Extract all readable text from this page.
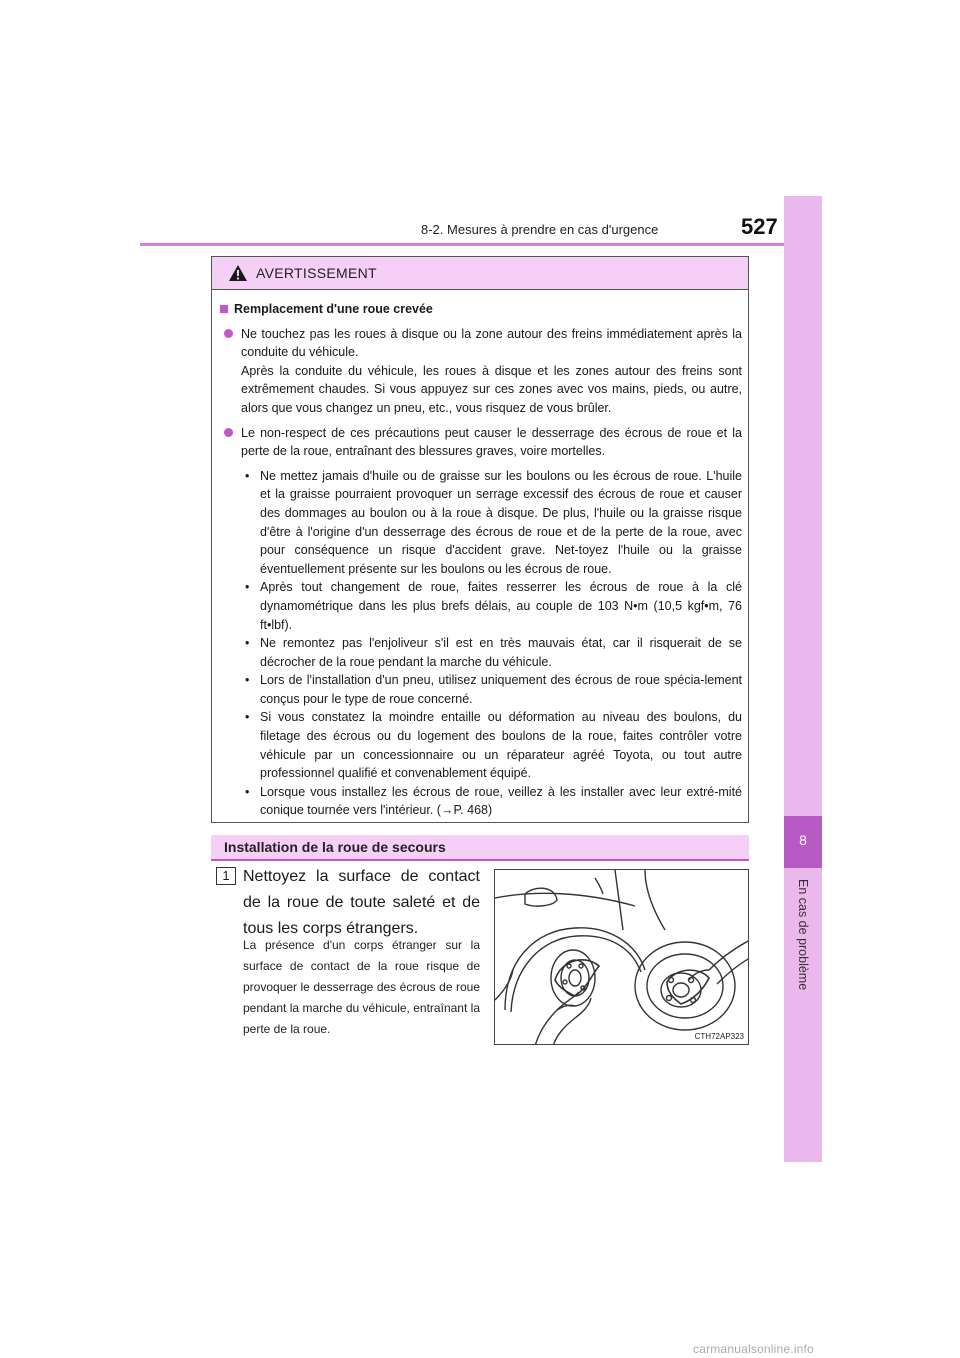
8-2. Mesures à prendre en cas d'urgence	527
8
En cas de problème
AVERTISSEMENT
Remplacement d'une roue crevée

Ne touchez pas les roues à disque ou la zone autour des freins immédiatement après la conduite du véhicule.

Après la conduite du véhicule, les roues à disque et les zones autour des freins sont extrêmement chaudes. Si vous appuyez sur ces zones avec vos mains, pieds, ou autre, alors que vous changez un pneu, etc., vous risquez de vous brûler.

Le non-respect de ces précautions peut causer le desserrage des écrous de roue et la perte de la roue, entraînant des blessures graves, voire mortelles.

• Ne mettez jamais d'huile ou de graisse sur les boulons ou les écrous de roue. L'huile et la graisse pourraient provoquer un serrage excessif des écrous de roue et causer des dommages au boulon ou à la roue à disque. De plus, l'huile ou la graisse risque d'être à l'origine d'un desserrage des écrous de roue et de la perte de la roue, avec pour conséquence un risque d'accident grave. Net-toyez l'huile ou la graisse éventuellement présente sur les boulons ou les écrous de roue.
• Après tout changement de roue, faites resserrer les écrous de roue à la clé dynamométrique dans les plus brefs délais, au couple de 103 N•m (10,5 kgf•m, 76 ft•lbf).
• Ne remontez pas l'enjoliveur s'il est en très mauvais état, car il risquerait de se décrocher de la roue pendant la marche du véhicule.
• Lors de l'installation d'un pneu, utilisez uniquement des écrous de roue spécia-lement conçus pour le type de roue concerné.
• Si vous constatez la moindre entaille ou déformation au niveau des boulons, du filetage des écrous ou du logement des boulons de la roue, faites contrôler votre véhicule par un concessionnaire ou un réparateur agréé Toyota, ou tout autre professionnel qualifié et convenablement équipé.
• Lorsque vous installez les écrous de roue, veillez à les installer avec leur extré-mité conique tournée vers l'intérieur. (→P. 468)
Installation de la roue de secours
1 Nettoyez la surface de contact de la roue de toute saleté et de tous les corps étrangers.
La présence d'un corps étranger sur la surface de contact de la roue risque de provoquer le desserrage des écrous de roue pendant la marche du véhicule, entraînant la perte de la roue.
CTH72AP323
carmanualsonline.info
